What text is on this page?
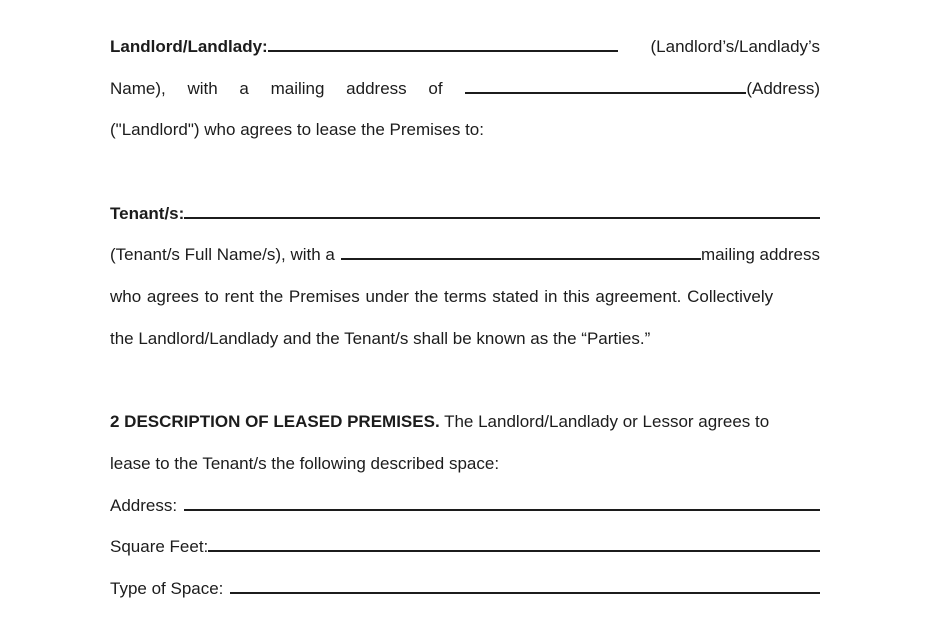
Landlord/Landlady:	(Landlord’s/Landlady’s
Name), with a mailing address of	(Address)
("Landlord") who agrees to lease the Premises to:
Tenant/s:
(Tenant/s Full Name/s), with a	mailing address
who agrees to rent the Premises under the terms stated in this agreement. Collectively
the Landlord/Landlady and the Tenant/s shall be known as the “Parties.”
2 DESCRIPTION OF LEASED PREMISES. The Landlord/Landlady or Lessor agrees to
lease to the Tenant/s the following described space:
Address:
Square Feet:
Type of Space:
